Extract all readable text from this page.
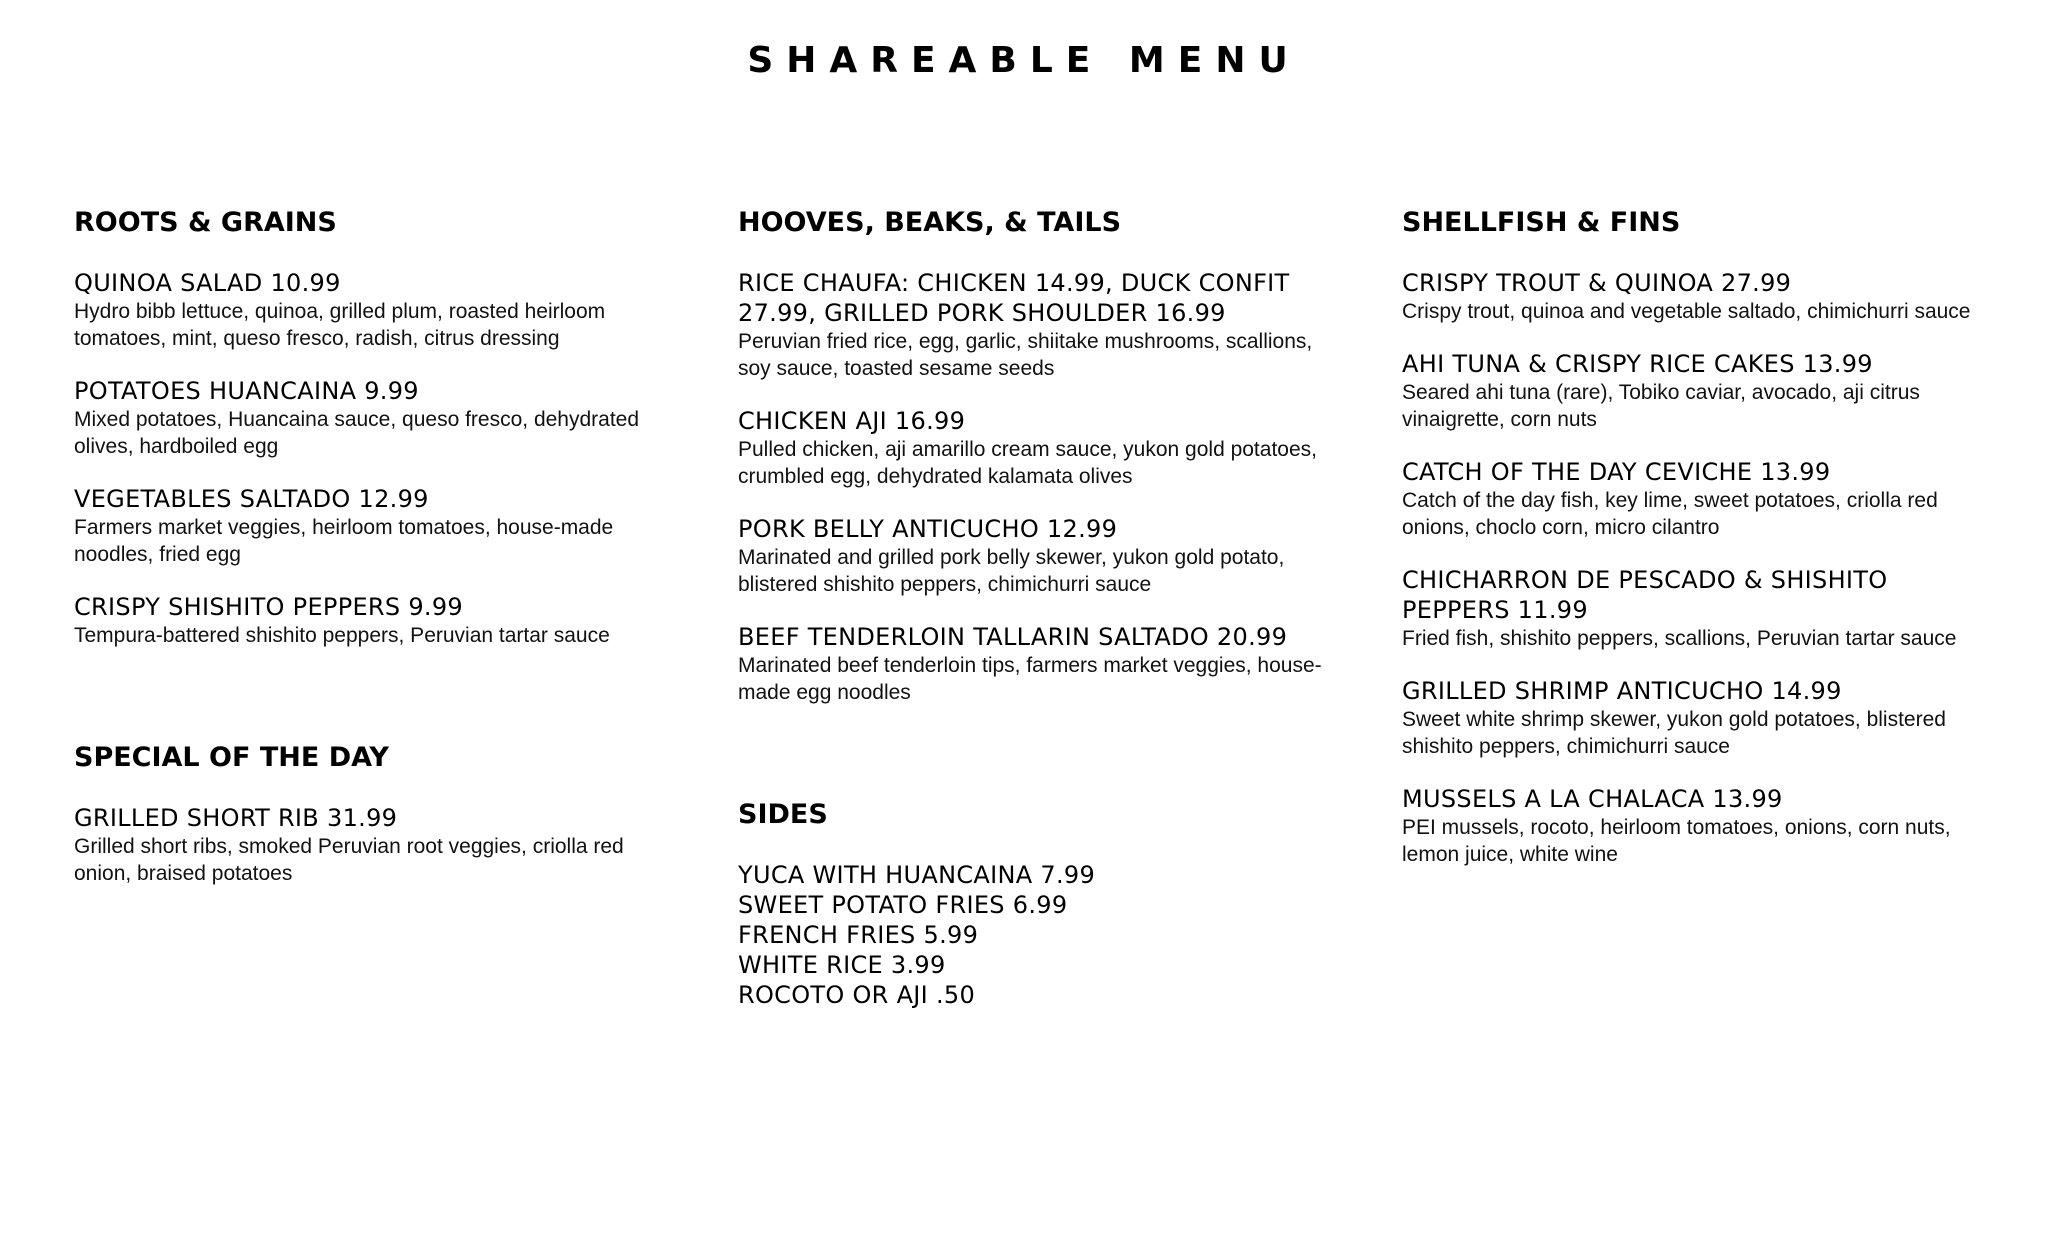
SHAREABLE MENU
ROOTS & GRAINS
QUINOA SALAD 10.99
Hydro bibb lettuce, quinoa, grilled plum, roasted heirloom tomatoes, mint, queso fresco, radish, citrus dressing
POTATOES HUANCAINA 9.99
Mixed potatoes, Huancaina sauce, queso fresco, dehydrated olives, hardboiled egg
VEGETABLES SALTADO 12.99
Farmers market veggies, heirloom tomatoes, house-made noodles, fried egg
CRISPY SHISHITO PEPPERS 9.99
Tempura-battered shishito peppers, Peruvian tartar sauce
SPECIAL OF THE DAY
GRILLED SHORT RIB 31.99
Grilled short ribs, smoked Peruvian root veggies, criolla red onion, braised potatoes
HOOVES, BEAKS, & TAILS
RICE CHAUFA: CHICKEN 14.99, DUCK CONFIT 27.99, GRILLED PORK SHOULDER 16.99
Peruvian fried rice, egg, garlic, shiitake mushrooms, scallions, soy sauce, toasted sesame seeds
CHICKEN AJI 16.99
Pulled chicken, aji amarillo cream sauce, yukon gold potatoes, crumbled egg, dehydrated kalamata olives
PORK BELLY ANTICUCHO 12.99
Marinated and grilled pork belly skewer, yukon gold potato, blistered shishito peppers, chimichurri sauce
BEEF TENDERLOIN TALLARIN SALTADO 20.99
Marinated beef tenderloin tips, farmers market veggies, house-made egg noodles
SIDES
YUCA WITH HUANCAINA 7.99
SWEET POTATO FRIES 6.99
FRENCH FRIES 5.99
WHITE RICE 3.99
ROCOTO OR AJI .50
SHELLFISH & FINS
CRISPY TROUT & QUINOA 27.99
Crispy trout, quinoa and vegetable saltado, chimichurri sauce
AHI TUNA & CRISPY RICE CAKES 13.99
Seared ahi tuna (rare), Tobiko caviar, avocado, aji citrus vinaigrette, corn nuts
CATCH OF THE DAY CEVICHE 13.99
Catch of the day fish, key lime, sweet potatoes, criolla red onions, choclo corn, micro cilantro
CHICHARRON DE PESCADO & SHISHITO PEPPERS 11.99
Fried fish, shishito peppers, scallions, Peruvian tartar sauce
GRILLED SHRIMP ANTICUCHO 14.99
Sweet white shrimp skewer, yukon gold potatoes, blistered shishito peppers, chimichurri sauce
MUSSELS A LA CHALACA 13.99
PEI mussels, rocoto, heirloom tomatoes, onions, corn nuts, lemon juice, white wine
